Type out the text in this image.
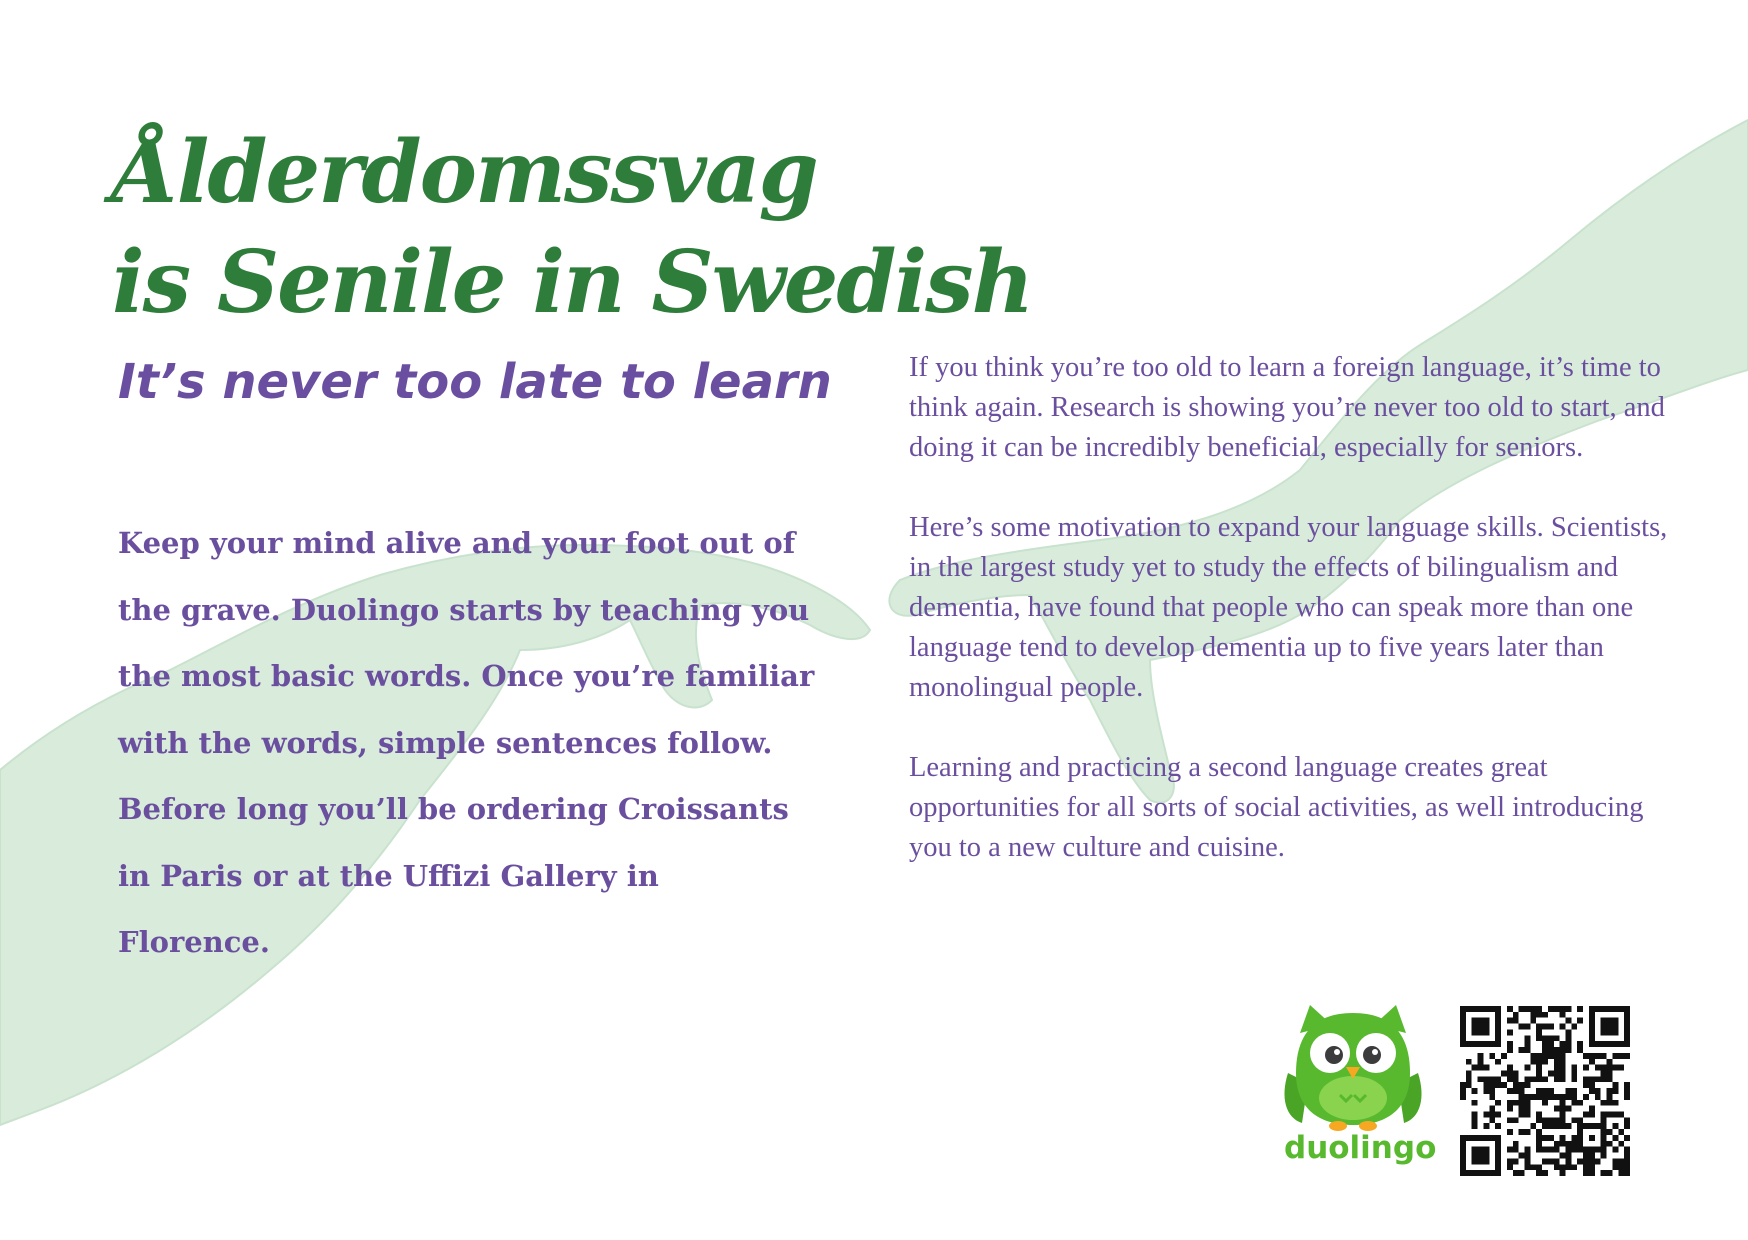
Ålderdomssvag
is Senile in Swedish
It’s never too late to learn

Keep your mind alive and your foot out of the grave. Duolingo starts by teaching you the most basic words. Once you’re familiar with the words, simple sentences follow. Before long you’ll be ordering Croissants in Paris or at the Uffizi Gallery in Florence.

If you think you’re too old to learn a foreign language, it’s time to think again. Research is showing you’re never too old to start, and doing it can be incredibly beneficial, especially for seniors.

Here’s some motivation to expand your language skills. Scientists, in the largest study yet to study the effects of bilingualism and dementia, have found that people who can speak more than one language tend to develop dementia up to five years later than monolingual people.

Learning and practicing a second language creates great opportunities for all sorts of social activities, as well introducing you to a new culture and cuisine.

duolingo
